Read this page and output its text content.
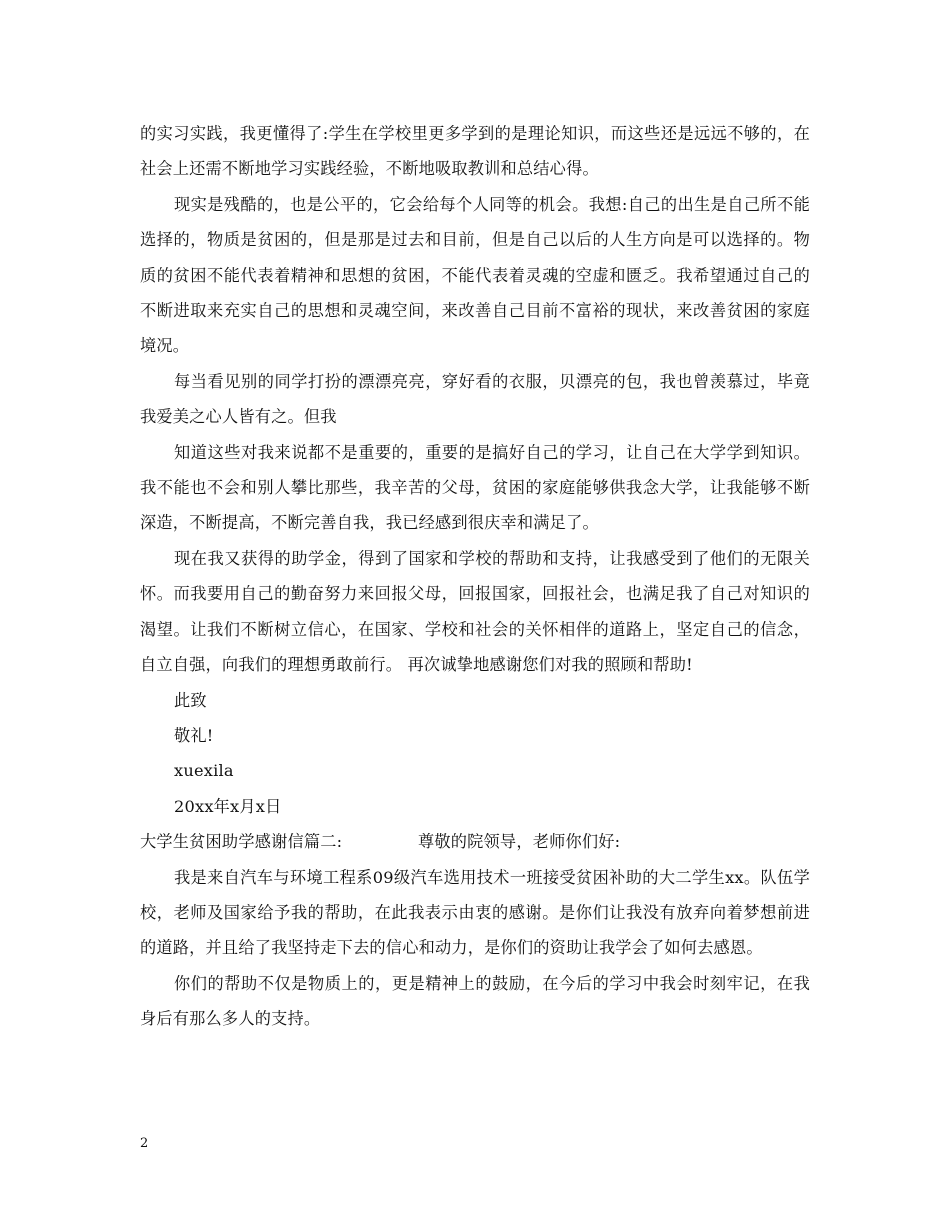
的实习实践，我更懂得了:学生在学校里更多学到的是理论知识，而这些还是远远不够的，在社会上还需不断地学习实践经验，不断地吸取教训和总结心得。

现实是残酷的，也是公平的，它会给每个人同等的机会。我想:自己的出生是自己所不能选择的，物质是贫困的，但是那是过去和目前，但是自己以后的人生方向是可以选择的。物质的贫困不能代表着精神和思想的贫困，不能代表着灵魂的空虚和匮乏。我希望通过自己的不断进取来充实自己的思想和灵魂空间，来改善自己目前不富裕的现状，来改善贫困的家庭境况。

每当看见别的同学打扮的漂漂亮亮，穿好看的衣服，贝漂亮的包，我也曾羡慕过，毕竟我爱美之心人皆有之。但我

知道这些对我来说都不是重要的，重要的是搞好自己的学习，让自己在大学学到知识。我不能也不会和别人攀比那些，我辛苦的父母，贫困的家庭能够供我念大学，让我能够不断深造，不断提高，不断完善自我，我已经感到很庆幸和满足了。

现在我又获得的助学金，得到了国家和学校的帮助和支持，让我感受到了他们的无限关怀。而我要用自己的勤奋努力来回报父母，回报国家，回报社会，也满足我了自己对知识的渴望。让我们不断树立信心，在国家、学校和社会的关怀相伴的道路上，坚定自己的信念，自立自强，向我们的理想勇敢前行。 再次诚挚地感谢您们对我的照顾和帮助!

此致

敬礼!

xuexila

20xx年x月x日

大学生贫困助学感谢信篇二:	尊敬的院领导，老师你们好:

我是来自汽车与环境工程系09级汽车选用技术一班接受贫困补助的大二学生xx。队伍学校，老师及国家给予我的帮助，在此我表示由衷的感谢。是你们让我没有放弃向着梦想前进的道路，并且给了我坚持走下去的信心和动力，是你们的资助让我学会了如何去感恩。

你们的帮助不仅是物质上的，更是精神上的鼓励，在今后的学习中我会时刻牢记，在我身后有那么多人的支持。

2
